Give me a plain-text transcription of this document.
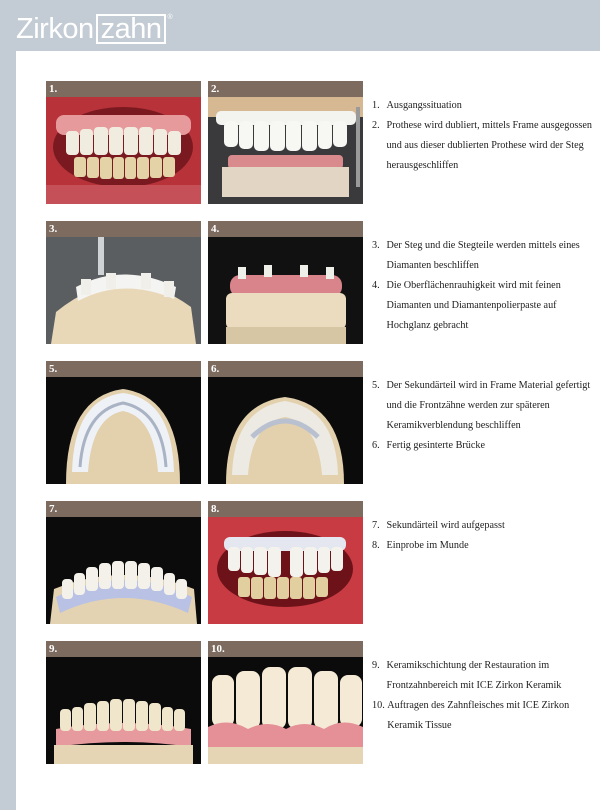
Zirkon zahn ®
1.	2.
1.
Ausgangssituation
2.
Prothese wird dubliert, mittels Frame ausgegossen und aus dieser dublierten Prothese wird der Steg herausgeschliffen
3.	4.
3.
Der Steg und die Stegteile werden mittels eines Diamanten beschliffen
4.
Die Oberflächenrauhigkeit wird mit feinen Diamanten und Diamantenpolierpaste auf Hochglanz gebracht
5.	6.
5.
Der Sekundärteil wird in Frame Material gefertigt und die Frontzähne werden zur späteren Keramikverblendung beschliffen
6.
Fertig gesinterte Brücke
7.	8.
7.
Sekundärteil wird aufgepasst
8.
Einprobe im Munde
9.	10.
9.
Keramikschichtung der Restauration im Frontzahnbereich mit ICE Zirkon Keramik
10.
Auftragen des Zahnfleisches mit ICE Zirkon Keramik Tissue
